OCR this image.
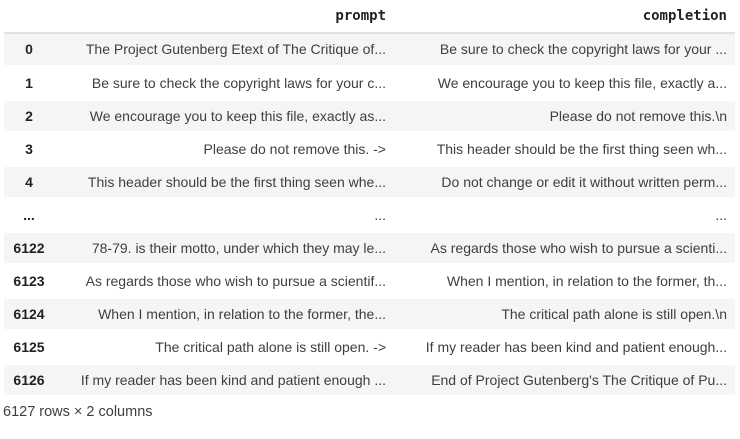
	prompt	completion
0	The Project Gutenberg Etext of The Critique of...	Be sure to check the copyright laws for your ...
1	Be sure to check the copyright laws for your c...	We encourage you to keep this file, exactly a...
2	We encourage you to keep this file, exactly as...	Please do not remove this.\n
3	Please do not remove this. ->	This header should be the first thing seen wh...
4	This header should be the first thing seen whe...	Do not change or edit it without written perm...
...	...	...
6122	78-79. is their motto, under which they may le...	As regards those who wish to pursue a scienti...
6123	As regards those who wish to pursue a scientif...	When I mention, in relation to the former, th...
6124	When I mention, in relation to the former, the...	The critical path alone is still open.\n
6125	The critical path alone is still open. ->	If my reader has been kind and patient enough...
6126	If my reader has been kind and patient enough ...	End of Project Gutenberg's The Critique of Pu...

6127 rows × 2 columns
